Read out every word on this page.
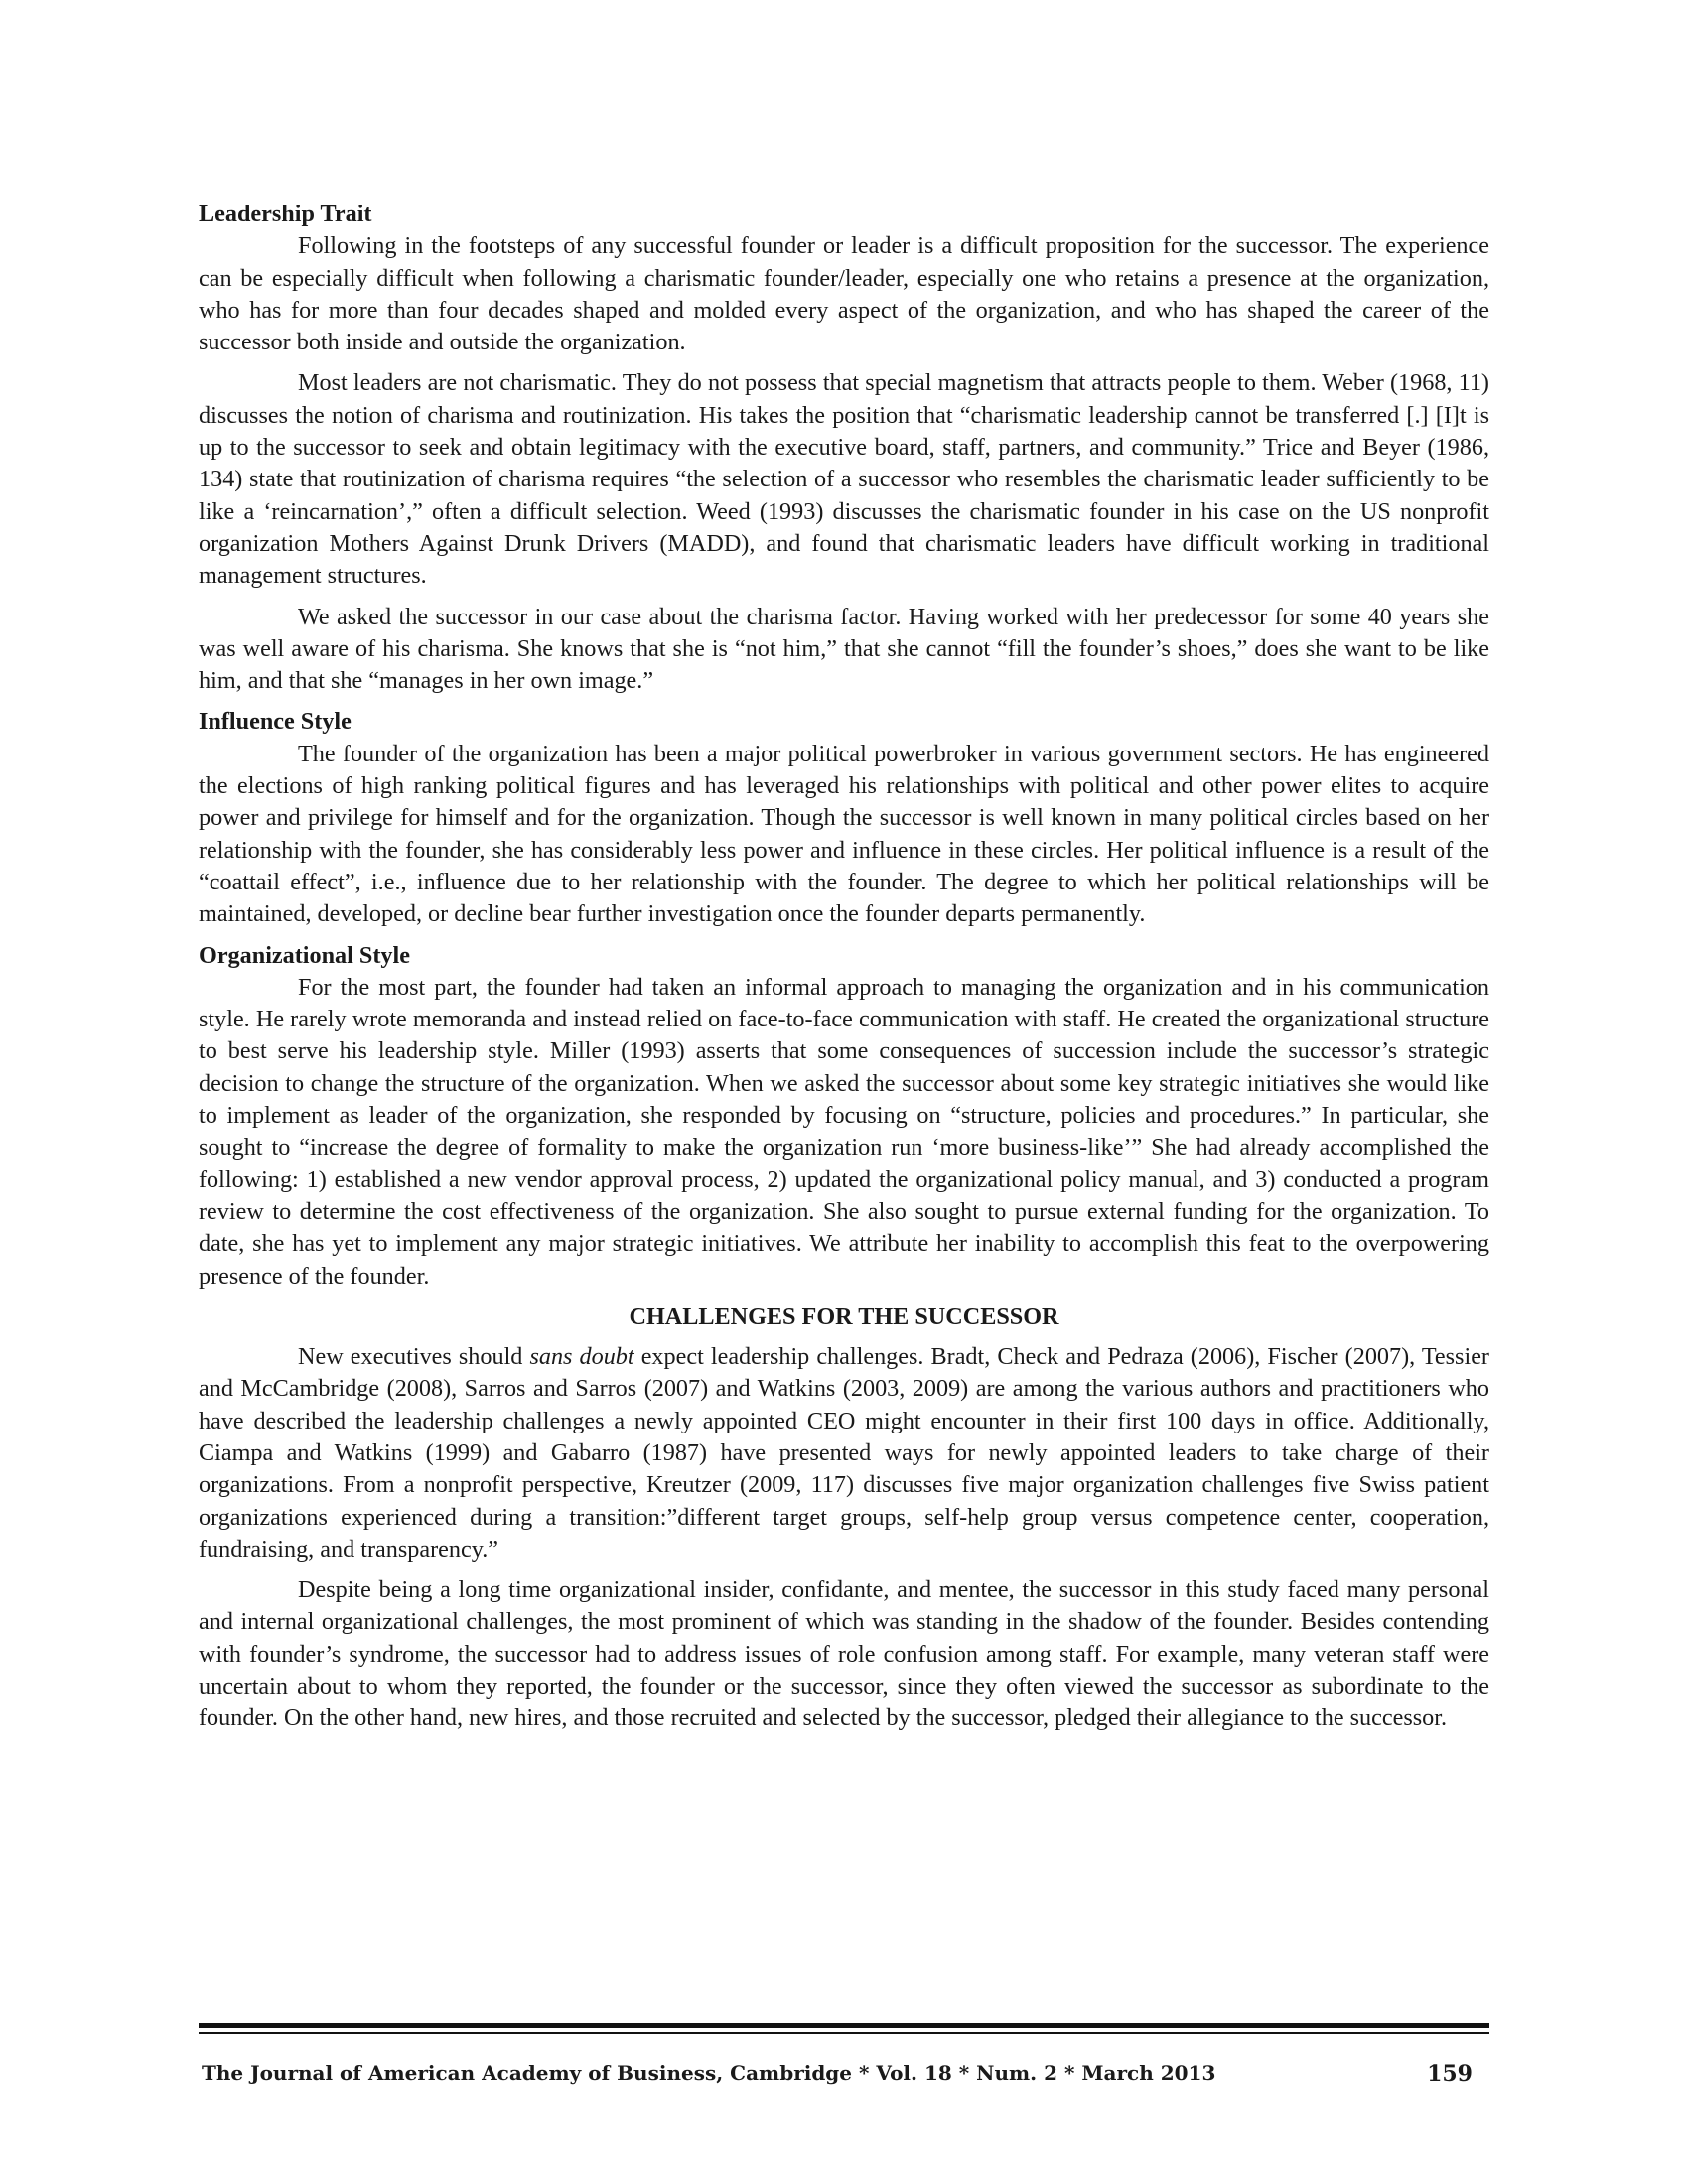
Leadership Trait

Following in the footsteps of any successful founder or leader is a difficult proposition for the successor. The experience can be especially difficult when following a charismatic founder/leader, especially one who retains a presence at the organization, who has for more than four decades shaped and molded every aspect of the organization, and who has shaped the career of the successor both inside and outside the organization.

Most leaders are not charismatic. They do not possess that special magnetism that attracts people to them. Weber (1968, 11) discusses the notion of charisma and routinization. His takes the position that “charismatic leadership cannot be transferred [.] [I]t is up to the successor to seek and obtain legitimacy with the executive board, staff, partners, and community.” Trice and Beyer (1986, 134) state that routinization of charisma requires “the selection of a successor who resembles the charismatic leader sufficiently to be like a ‘reincarnation’,” often a difficult selection. Weed (1993) discusses the charismatic founder in his case on the US nonprofit organization Mothers Against Drunk Drivers (MADD), and found that charismatic leaders have difficult working in traditional management structures.

We asked the successor in our case about the charisma factor. Having worked with her predecessor for some 40 years she was well aware of his charisma. She knows that she is “not him,” that she cannot “fill the founder’s shoes,” does she want to be like him, and that she “manages in her own image.”

Influence Style

The founder of the organization has been a major political powerbroker in various government sectors. He has engineered the elections of high ranking political figures and has leveraged his relationships with political and other power elites to acquire power and privilege for himself and for the organization. Though the successor is well known in many political circles based on her relationship with the founder, she has considerably less power and influence in these circles. Her political influence is a result of the “coattail effect”, i.e., influence due to her relationship with the founder. The degree to which her political relationships will be maintained, developed, or decline bear further investigation once the founder departs permanently.

Organizational Style

For the most part, the founder had taken an informal approach to managing the organization and in his communication style. He rarely wrote memoranda and instead relied on face-to-face communication with staff. He created the organizational structure to best serve his leadership style. Miller (1993) asserts that some consequences of succession include the successor’s strategic decision to change the structure of the organization. When we asked the successor about some key strategic initiatives she would like to implement as leader of the organization, she responded by focusing on “structure, policies and procedures.” In particular, she sought to “increase the degree of formality to make the organization run ‘more business-like’” She had already accomplished the following: 1) established a new vendor approval process, 2) updated the organizational policy manual, and 3) conducted a program review to determine the cost effectiveness of the organization. She also sought to pursue external funding for the organization. To date, she has yet to implement any major strategic initiatives. We attribute her inability to accomplish this feat to the overpowering presence of the founder.

CHALLENGES FOR THE SUCCESSOR

New executives should sans doubt expect leadership challenges. Bradt, Check and Pedraza (2006), Fischer (2007), Tessier and McCambridge (2008), Sarros and Sarros (2007) and Watkins (2003, 2009) are among the various authors and practitioners who have described the leadership challenges a newly appointed CEO might encounter in their first 100 days in office. Additionally, Ciampa and Watkins (1999) and Gabarro (1987) have presented ways for newly appointed leaders to take charge of their organizations. From a nonprofit perspective, Kreutzer (2009, 117) discusses five major organization challenges five Swiss patient organizations experienced during a transition:”different target groups, self-help group versus competence center, cooperation, fundraising, and transparency.”

Despite being a long time organizational insider, confidante, and mentee, the successor in this study faced many personal and internal organizational challenges, the most prominent of which was standing in the shadow of the founder. Besides contending with founder’s syndrome, the successor had to address issues of role confusion among staff. For example, many veteran staff were uncertain about to whom they reported, the founder or the successor, since they often viewed the successor as subordinate to the founder. On the other hand, new hires, and those recruited and selected by the successor, pledged their allegiance to the successor.

The Journal of American Academy of Business, Cambridge * Vol. 18 * Num. 2 * March 2013	159
